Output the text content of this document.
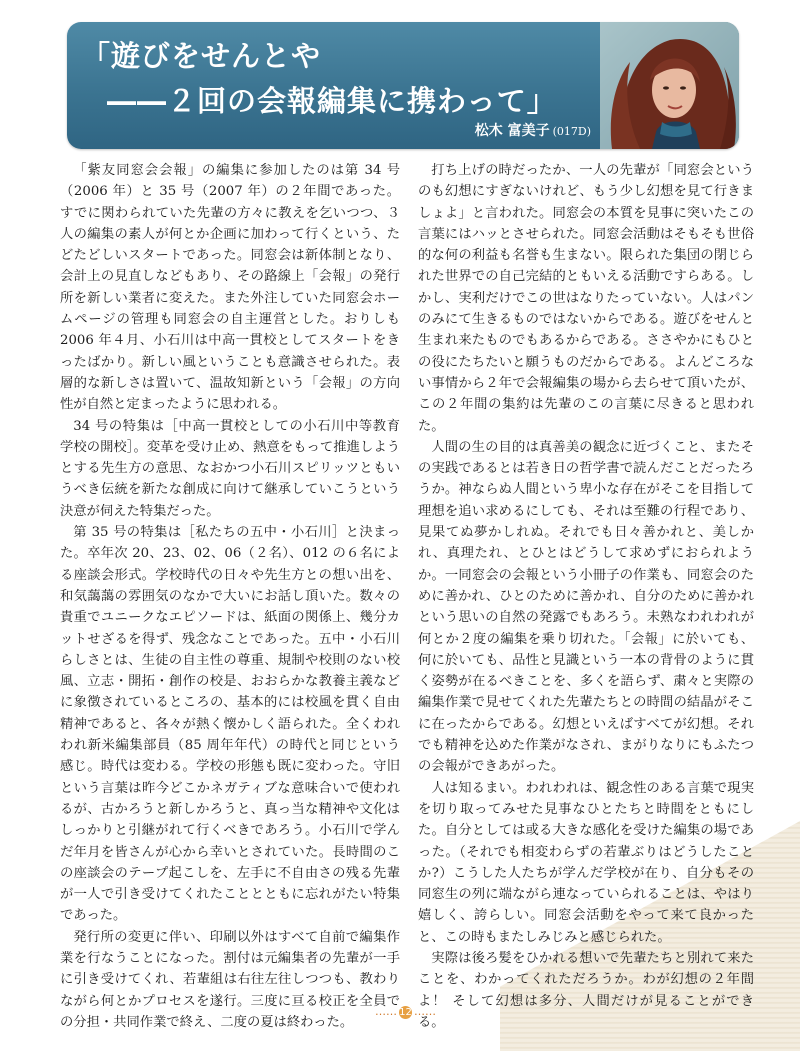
「遊びをせんとや
――２回の会報編集に携わって」
松木 富美子 (017D)

「紫友同窓会会報」の編集に参加したのは第 34 号（2006 年）と 35 号（2007 年）の２年間であった。すでに関わられていた先輩の方々に教えを乞いつつ、３人の編集の素人が何とか企画に加わって行くという、たどたどしいスタートであった。同窓会は新体制となり、会計上の見直しなどもあり、その路線上「会報」の発行所を新しい業者に変えた。また外注していた同窓会ホームページの管理も同窓会の自主運営とした。おりしも 2006 年４月、小石川は中高一貫校としてスタートをきったばかり。新しい風ということも意識させられた。表層的な新しさは置いて、温故知新という「会報」の方向性が自然と定まったように思われる。

34 号の特集は［中高一貫校としての小石川中等教育学校の開校］。変革を受け止め、熱意をもって推進しようとする先生方の意思、なおかつ小石川スピリッツともいうべき伝統を新たな創成に向けて継承していこうという決意が伺えた特集だった。

第 35 号の特集は［私たちの五中・小石川］と決まった。卒年次 20、23、02、06（２名）、012 の６名による座談会形式。学校時代の日々や先生方との想い出を、和気藹藹の雰囲気のなかで大いにお話し頂いた。数々の貴重でユニークなエピソードは、紙面の関係上、幾分カットせざるを得ず、残念なことであった。五中・小石川らしさとは、生徒の自主性の尊重、規制や校則のない校風、立志・開拓・創作の校是、おおらかな教養主義などに象徴されているところの、基本的には校風を貫く自由精神であると、各々が熱く懐かしく語られた。全くわれわれ新米編集部員（85 周年年代）の時代と同じという感じ。時代は変わる。学校の形態も既に変わった。守旧という言葉は昨今どこかネガティブな意味合いで使われるが、古かろうと新しかろうと、真っ当な精神や文化はしっかりと引継がれて行くべきであろう。小石川で学んだ年月を皆さんが心から幸いとされていた。長時間のこの座談会のテープ起こしを、左手に不自由さの残る先輩が一人で引き受けてくれたこととともに忘れがたい特集であった。

発行所の変更に伴い、印刷以外はすべて自前で編集作業を行なうことになった。割付は元編集者の先輩が一手に引き受けてくれ、若輩組は右往左往しつつも、教わりながら何とかプロセスを遂行。三度に亘る校正を全員での分担・共同作業で終え、二度の夏は終わった。

打ち上げの時だったか、一人の先輩が「同窓会というのも幻想にすぎないけれど、もう少し幻想を見て行きましょよ」と言われた。同窓会の本質を見事に突いたこの言葉にはハッとさせられた。同窓会活動はそもそも世俗的な何の利益も名誉も生まない。限られた集団の閉じられた世界での自己完結的ともいえる活動ですらある。しかし、実利だけでこの世はなりたっていない。人はパンのみにて生きるものではないからである。遊びをせんと生まれ来たものでもあるからである。ささやかにもひとの役にたちたいと願うものだからである。よんどころない事情から２年で会報編集の場から去らせて頂いたが、この２年間の集約は先輩のこの言葉に尽きると思われた。

人間の生の目的は真善美の観念に近づくこと、またその実践であるとは若き日の哲学書で読んだことだったろうか。神ならぬ人間という卑小な存在がそこを目指して理想を追い求めるにしても、それは至難の行程であり、見果てぬ夢かしれぬ。それでも日々善かれと、美しかれ、真理たれ、とひとはどうして求めずにおられようか。一同窓会の会報という小冊子の作業も、同窓会のために善かれ、ひとのために善かれ、自分のために善かれという思いの自然の発露でもあろう。未熟なわれわれが何とか２度の編集を乗り切れた。「会報」に於いても、何に於いても、品性と見識という一本の背骨のように貫く姿勢が在るべきことを、多くを語らず、粛々と実際の編集作業で見せてくれた先輩たちとの時間の結晶がそこに在ったからである。幻想といえばすべてが幻想。それでも精神を込めた作業がなされ、まがりなりにもふたつの会報ができあがった。

人は知るまい。われわれは、観念性のある言葉で現実を切り取ってみせた見事なひとたちと時間をともにした。自分としては或る大きな感化を受けた編集の場であった。（それでも相変わらずの若輩ぶりはどうしたことか?）こうした人たちが学んだ学校が在り、自分もその同窓生の列に端ながら連なっていられることは、やはり嬉しく、誇らしい。同窓会活動をやって来て良かったと、この時もまたしみじみと感じられた。

実際は後ろ髪をひかれる想いで先輩たちと別れて来たことを、わかってくれただろうか。わが幻想の２年間よ！ そして幻想は多分、人間だけが見ることができる。

…… 12 ……
